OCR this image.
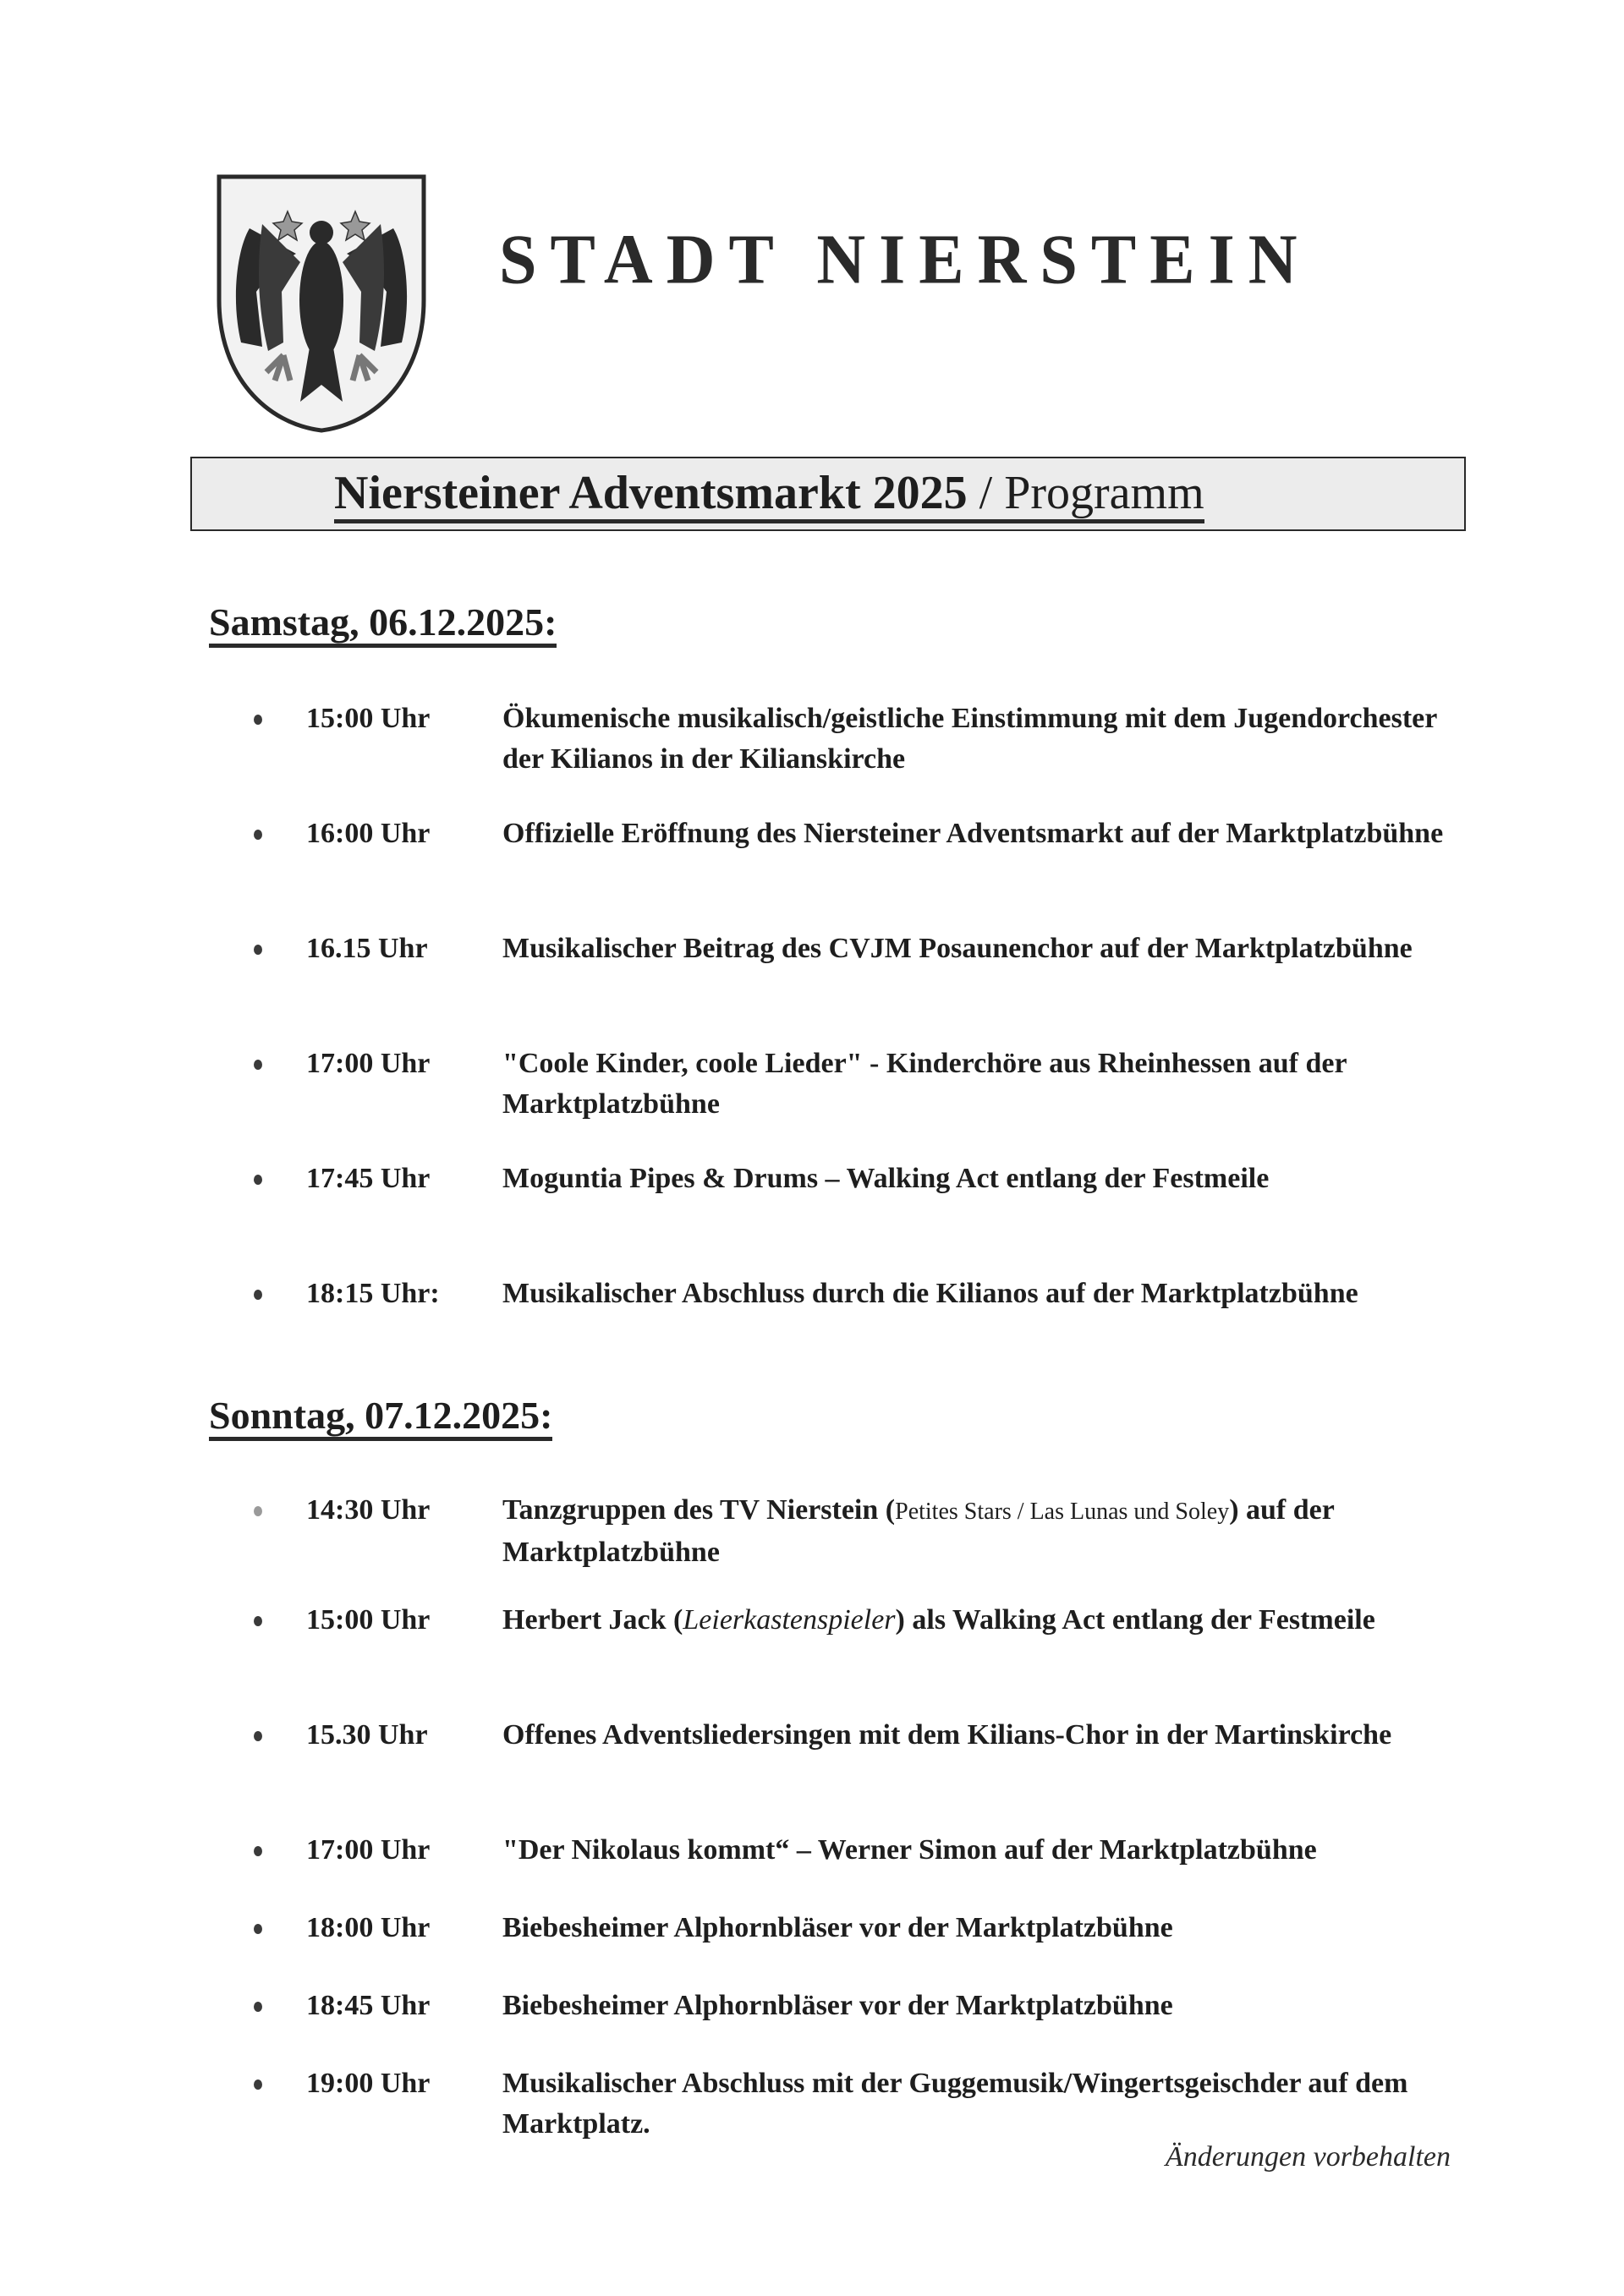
STADT NIERSTEIN
Niersteiner Adventsmarkt 2025 / Programm
Samstag, 06.12.2025:
15:00 Uhr	Ökumenische musikalisch/geistliche Einstimmung mit dem Jugendorchester der Kilianos in der Kilianskirche
16:00 Uhr	Offizielle Eröffnung des Niersteiner Adventsmarkt auf der Marktplatzbühne
16.15 Uhr	Musikalischer Beitrag des CVJM Posaunenchor auf der Marktplatzbühne
17:00 Uhr	"Coole Kinder, coole Lieder" - Kinderchöre aus Rheinhessen auf der Marktplatzbühne
17:45 Uhr	Moguntia Pipes & Drums – Walking Act entlang der Festmeile
18:15 Uhr: Musikalischer Abschluss durch die Kilianos auf der Marktplatzbühne
Sonntag, 07.12.2025:
14:30 Uhr	Tanzgruppen des TV Nierstein (Petites Stars / Las Lunas und Soley) auf der Marktplatzbühne
15:00 Uhr	Herbert Jack (Leierkastenspieler) als Walking Act entlang der Festmeile
15.30 Uhr	Offenes Adventsliedersingen mit dem Kilians-Chor in der Martinskirche
17:00 Uhr	"Der Nikolaus kommt“ – Werner Simon auf der Marktplatzbühne
18:00 Uhr	Biebesheimer Alphornbläser vor der Marktplatzbühne
18:45 Uhr	Biebesheimer Alphornbläser vor der Marktplatzbühne
19:00 Uhr	Musikalischer Abschluss mit der Guggemusik/Wingertsgeischder auf dem Marktplatz.
Änderungen vorbehalten
